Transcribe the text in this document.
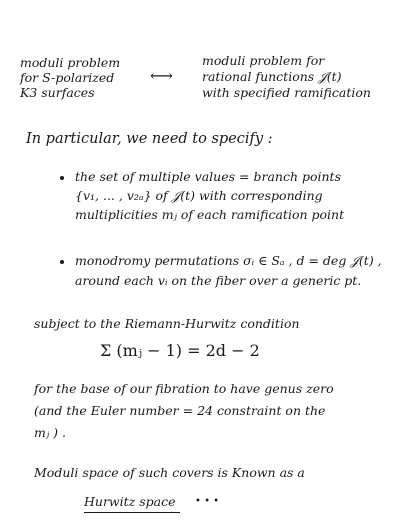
moduli problem
for S-polarized
K3 surfaces
⟷
moduli problem for
rational functions 𝒥(t)
with specified ramification
In particular, we need to specify :
the set of multiple values = branch points
{v₁, ... , v₂ₐ} of 𝒥(t) with corresponding
multiplicities mⱼ of each ramification point
monodromy permutations σᵢ ∈ Sₐ , d = deg 𝒥(t) ,
around each vᵢ on the fiber over a generic pt.
subject to the Riemann-Hurwitz condition
Σ (mⱼ − 1) = 2d − 2
for the base of our fibration to have genus zero
(and the Euler number = 24 constraint on the
mⱼ ) .
Moduli space of such covers is Known as a
Hurwitz space • • •
